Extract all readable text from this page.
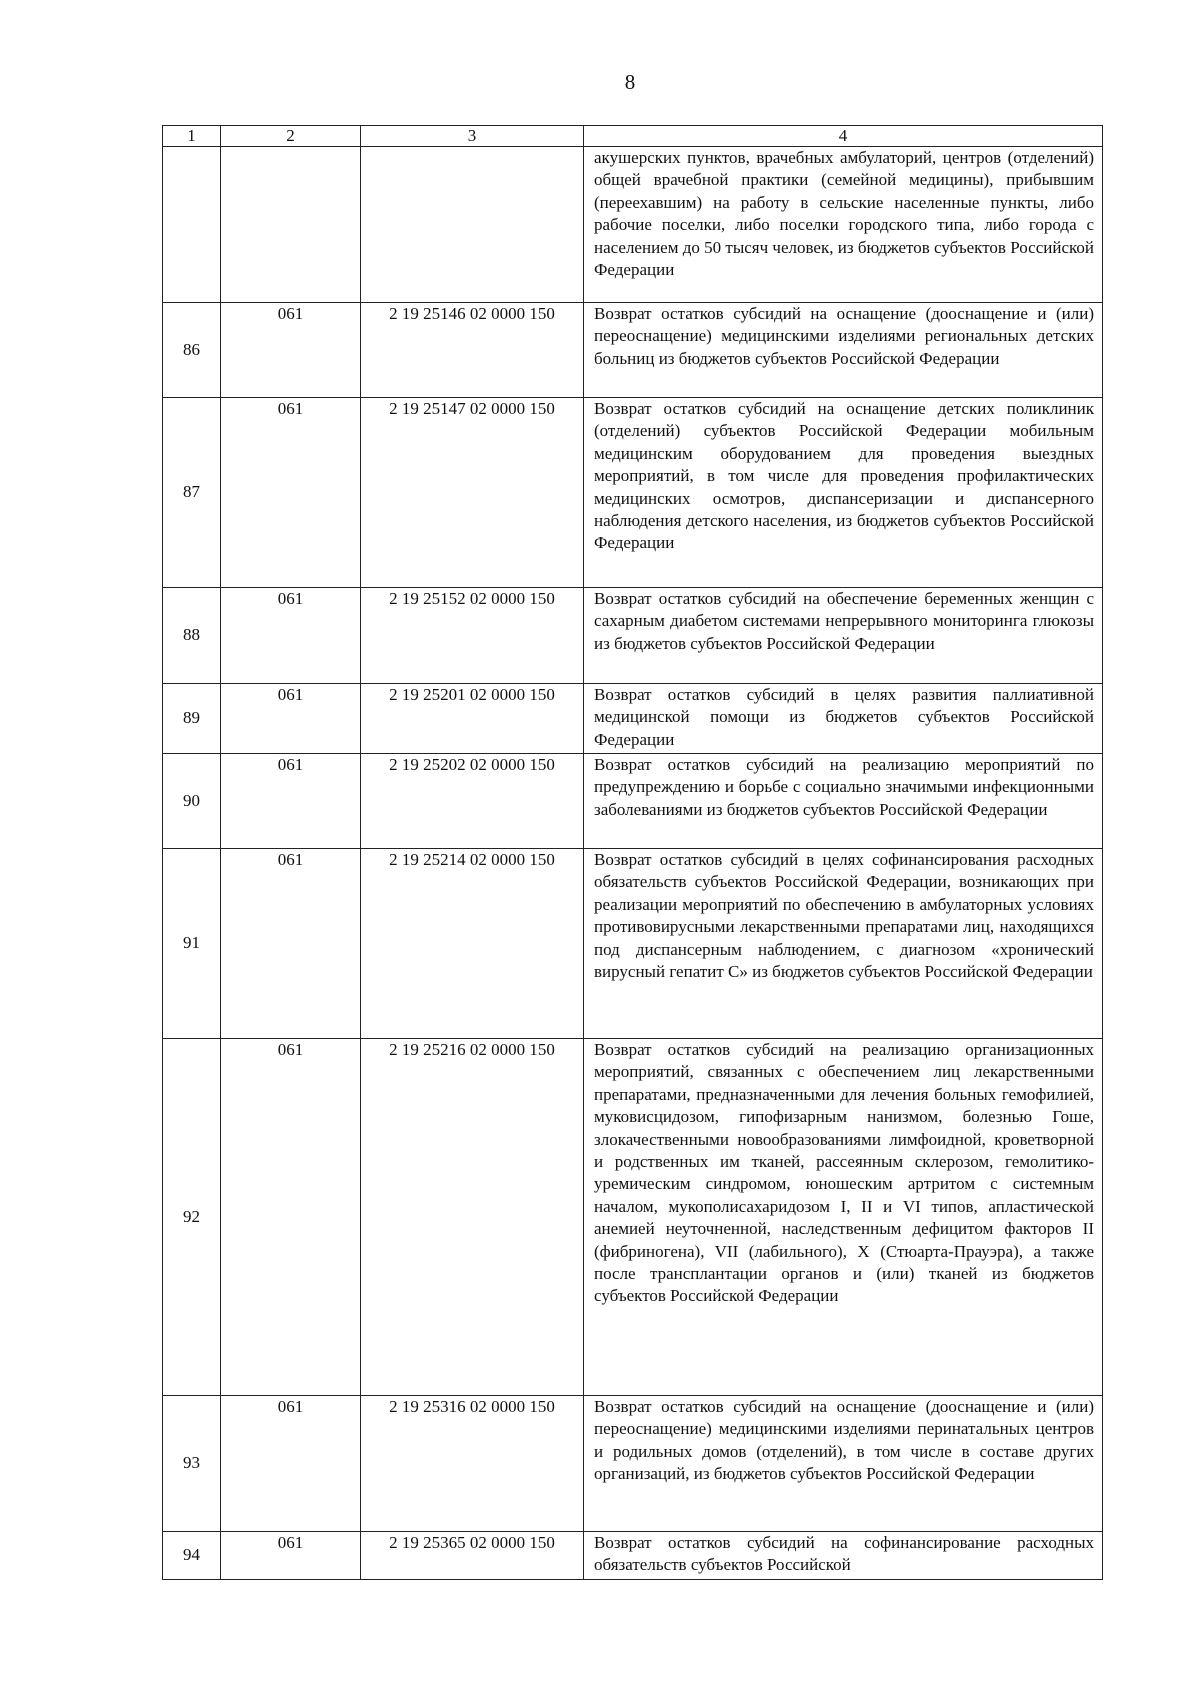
8
1	2	3	4
			акушерских пунктов, врачебных амбулаторий, центров (отделений) общей врачебной практики (семейной медицины), прибывшим (переехавшим) на работу в сельские населенные пункты, либо рабочие поселки, либо поселки городского типа, либо города с населением до 50 тысяч человек, из бюджетов субъектов Российской Федерации
86	061	2 19 25146 02 0000 150	Возврат остатков субсидий на оснащение (дооснащение и (или) переоснащение) медицинскими изделиями региональных детских больниц из бюджетов субъектов Российской Федерации
87	061	2 19 25147 02 0000 150	Возврат остатков субсидий на оснащение детских поликлиник (отделений) субъектов Российской Федерации мобильным медицинским оборудованием для проведения выездных мероприятий, в том числе для проведения профилактических медицинских осмотров, диспансеризации и диспансерного наблюдения детского населения, из бюджетов субъектов Российской Федерации
88	061	2 19 25152 02 0000 150	Возврат остатков субсидий на обеспечение беременных женщин с сахарным диабетом системами непрерывного мониторинга глюкозы из бюджетов субъектов Российской Федерации
89	061	2 19 25201 02 0000 150	Возврат остатков субсидий в целях развития паллиативной медицинской помощи из бюджетов субъектов Российской Федерации
90	061	2 19 25202 02 0000 150	Возврат остатков субсидий на реализацию мероприятий по предупреждению и борьбе с социально значимыми инфекционными заболеваниями из бюджетов субъектов Российской Федерации
91	061	2 19 25214 02 0000 150	Возврат остатков субсидий в целях софинансирования расходных обязательств субъектов Российской Федерации, возникающих при реализации мероприятий по обеспечению в амбулаторных условиях противовирусными лекарственными препаратами лиц, находящихся под диспансерным наблюдением, с диагнозом «хронический вирусный гепатит С» из бюджетов субъектов Российской Федерации
92	061	2 19 25216 02 0000 150	Возврат остатков субсидий на реализацию организационных мероприятий, связанных с обеспечением лиц лекарственными препаратами, предназначенными для лечения больных гемофилией, муковисцидозом, гипофизарным нанизмом, болезнью Гоше, злокачественными новообразованиями лимфоидной, кроветворной и родственных им тканей, рассеянным склерозом, гемолитико-уремическим синдромом, юношеским артритом с системным началом, мукополисахаридозом I, II и VI типов, апластической анемией неуточненной, наследственным дефицитом факторов II (фибриногена), VII (лабильного), X (Стюарта-Прауэра), а также после трансплантации органов и (или) тканей из бюджетов субъектов Российской Федерации
93	061	2 19 25316 02 0000 150	Возврат остатков субсидий на оснащение (дооснащение и (или) переоснащение) медицинскими изделиями перинатальных центров и родильных домов (отделений), в том числе в составе других организаций, из бюджетов субъектов Российской Федерации
94	061	2 19 25365 02 0000 150	Возврат остатков субсидий на софинансирование расходных обязательств субъектов Российской
